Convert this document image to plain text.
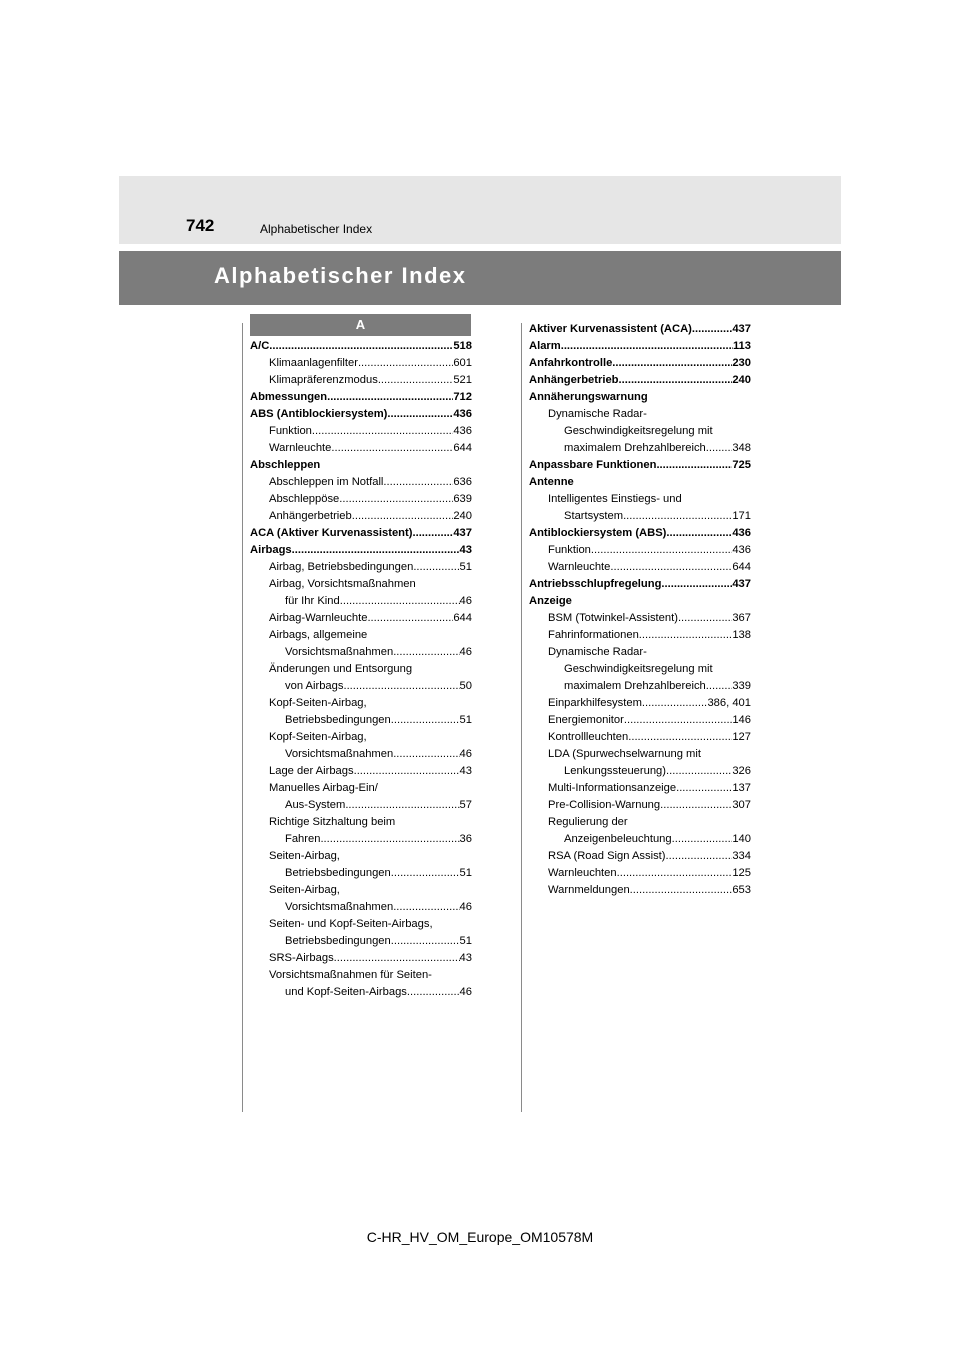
742	Alphabetischer Index
Alphabetischer Index
A
A/C .....	518
Klimaanlagenfilter .....	601
Klimapräferenzmodus .....	521
Abmessungen .....	712
ABS (Antiblockiersystem) .....	436
Funktion .....	436
Warnleuchte .....	644
Abschleppen
Abschleppen im Notfall .....	636
Abschleppöse .....	639
Anhängerbetrieb .....	240
ACA (Aktiver Kurvenassistent) .....	437
Airbags .....	43
Airbag, Betriebsbedingungen .....	51
Airbag, Vorsichtsmaßnahmen
für Ihr Kind .....	46
Airbag-Warnleuchte .....	644
Airbags, allgemeine
Vorsichtsmaßnahmen .....	46
Änderungen und Entsorgung
von Airbags .....	50
Kopf-Seiten-Airbag,
Betriebsbedingungen .....	51
Kopf-Seiten-Airbag,
Vorsichtsmaßnahmen .....	46
Lage der Airbags .....	43
Manuelles Airbag-Ein/
Aus-System .....	57
Richtige Sitzhaltung beim
Fahren .....	36
Seiten-Airbag,
Betriebsbedingungen .....	51
Seiten-Airbag,
Vorsichtsmaßnahmen .....	46
Seiten- und Kopf-Seiten-Airbags,
Betriebsbedingungen .....	51
SRS-Airbags .....	43
Vorsichtsmaßnahmen für Seiten-
und Kopf-Seiten-Airbags .....	46
Aktiver Kurvenassistent (ACA) .....	437
Alarm .....	113
Anfahrkontrolle .....	230
Anhängerbetrieb .....	240
Annäherungswarnung
Dynamische Radar-
Geschwindigkeitsregelung mit
maximalem Drehzahlbereich ..... 348
Anpassbare Funktionen .....	725
Antenne
Intelligentes Einstiegs- und
Startsystem .....	171
Antiblockiersystem (ABS) .....	436
Funktion .....	436
Warnleuchte .....	644
Antriebsschlupfregelung .....	437
Anzeige
BSM (Totwinkel-Assistent) .....	367
Fahrinformationen .....	138
Dynamische Radar-
Geschwindigkeitsregelung mit
maximalem Drehzahlbereich ..... 339
Einparkhilfesystem .....	386, 401
Energiemonitor .....	146
Kontrollleuchten .....	127
LDA (Spurwechselwarnung mit
Lenkungssteuerung) .....	326
Multi-Informationsanzeige .....	137
Pre-Collision-Warnung .....	307
Regulierung der
Anzeigenbeleuchtung .....	140
RSA (Road Sign Assist) .....	334
Warnleuchten .....	125
Warnmeldungen .....	653
C-HR_HV_OM_Europe_OM10578M
